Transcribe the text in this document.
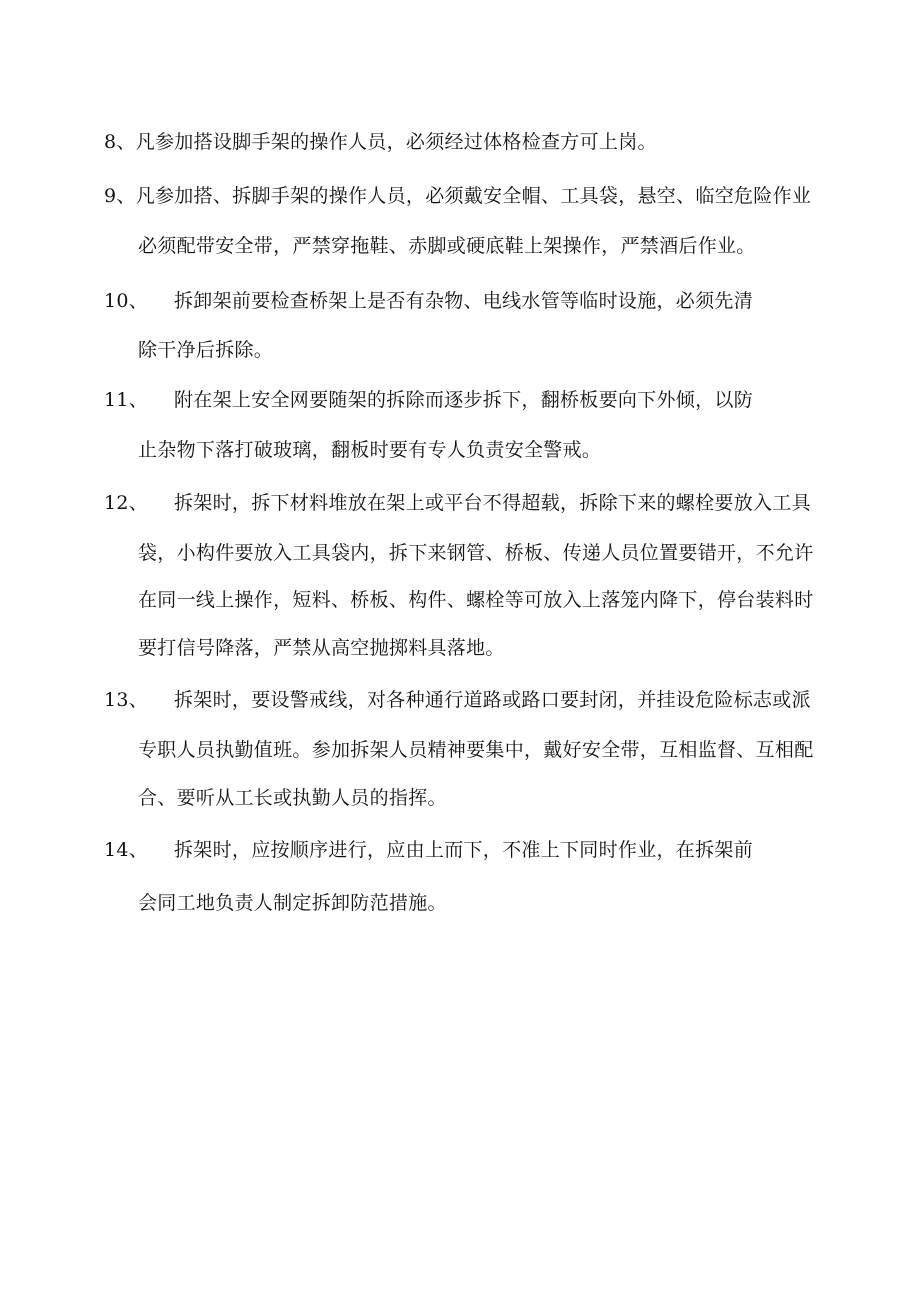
8、凡参加搭设脚手架的操作人员，必须经过体格检查方可上岗。
9、凡参加搭、拆脚手架的操作人员，必须戴安全帽、工具袋，悬空、临空危险作业
必须配带安全带，严禁穿拖鞋、赤脚或硬底鞋上架操作，严禁酒后作业。
10、 拆卸架前要检查桥架上是否有杂物、电线水管等临时设施，必须先清
除干净后拆除。
11、 附在架上安全网要随架的拆除而逐步拆下，翻桥板要向下外倾，以防
止杂物下落打破玻璃，翻板时要有专人负责安全警戒。
12、 拆架时，拆下材料堆放在架上或平台不得超载，拆除下来的螺栓要放入工具
袋，小构件要放入工具袋内，拆下来钢管、桥板、传递人员位置要错开，不允许
在同一线上操作，短料、桥板、构件、螺栓等可放入上落笼内降下，停台装料时
要打信号降落，严禁从高空抛掷料具落地。
13、 拆架时，要设警戒线，对各种通行道路或路口要封闭，并挂设危险标志或派
专职人员执勤值班。参加拆架人员精神要集中，戴好安全带，互相监督、互相配
合、要听从工长或执勤人员的指挥。
14、 拆架时，应按顺序进行，应由上而下，不准上下同时作业，在拆架前
会同工地负责人制定拆卸防范措施。
